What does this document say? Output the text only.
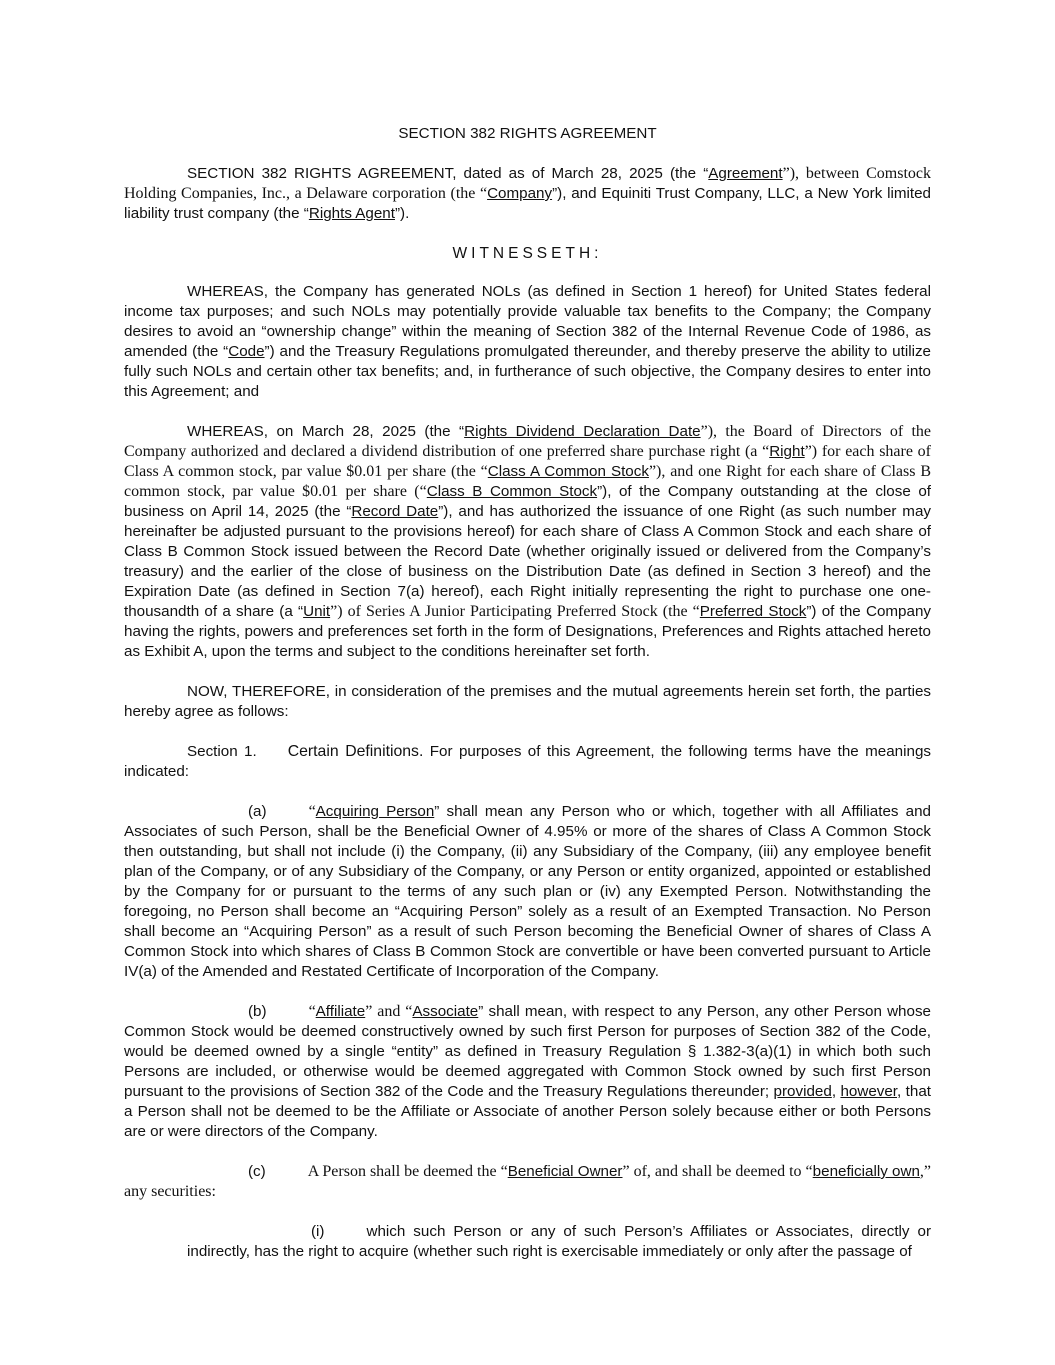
SECTION 382 RIGHTS AGREEMENT

SECTION 382 RIGHTS AGREEMENT, dated as of March 28, 2025 (the “Agreement”), between Comstock Holding Companies, Inc., a Delaware corporation (the “Company”), and Equiniti Trust Company, LLC, a New York limited liability trust company (the “Rights Agent”).

WITNESSETH:

WHEREAS, the Company has generated NOLs (as defined in Section 1 hereof) for United States federal income tax purposes; and such NOLs may potentially provide valuable tax benefits to the Company; the Company desires to avoid an “ownership change” within the meaning of Section 382 of the Internal Revenue Code of 1986, as amended (the “Code”) and the Treasury Regulations promulgated thereunder, and thereby preserve the ability to utilize fully such NOLs and certain other tax benefits; and, in furtherance of such objective, the Company desires to enter into this Agreement; and

WHEREAS, on March 28, 2025 (the “Rights Dividend Declaration Date”), the Board of Directors of the Company authorized and declared a dividend distribution of one preferred share purchase right (a “Right”) for each share of Class A common stock, par value $0.01 per share (the “Class A Common Stock”), and one Right for each share of Class B common stock, par value $0.01 per share (“Class B Common Stock”), of the Company outstanding at the close of business on April 14, 2025 (the “Record Date”), and has authorized the issuance of one Right (as such number may hereinafter be adjusted pursuant to the provisions hereof) for each share of Class A Common Stock and each share of Class B Common Stock issued between the Record Date (whether originally issued or delivered from the Company’s treasury) and the earlier of the close of business on the Distribution Date (as defined in Section 3 hereof) and the Expiration Date (as defined in Section 7(a) hereof), each Right initially representing the right to purchase one one-thousandth of a share (a “Unit”) of Series A Junior Participating Preferred Stock (the “Preferred Stock”) of the Company having the rights, powers and preferences set forth in the form of Designations, Preferences and Rights attached hereto as Exhibit A, upon the terms and subject to the conditions hereinafter set forth.

NOW, THEREFORE, in consideration of the premises and the mutual agreements herein set forth, the parties hereby agree as follows:

Section 1. Certain Definitions. For purposes of this Agreement, the following terms have the meanings indicated:

(a)	“Acquiring Person” shall mean any Person who or which, together with all Affiliates and Associates of such Person, shall be the Beneficial Owner of 4.95% or more of the shares of Class A Common Stock then outstanding, but shall not include (i) the Company, (ii) any Subsidiary of the Company, (iii) any employee benefit plan of the Company, or of any Subsidiary of the Company, or any Person or entity organized, appointed or established by the Company for or pursuant to the terms of any such plan or (iv) any Exempted Person. Notwithstanding the foregoing, no Person shall become an “Acquiring Person” solely as a result of an Exempted Transaction. No Person shall become an “Acquiring Person” as a result of such Person becoming the Beneficial Owner of shares of Class A Common Stock into which shares of Class B Common Stock are convertible or have been converted pursuant to Article IV(a) of the Amended and Restated Certificate of Incorporation of the Company.

(b)	“Affiliate” and “Associate” shall mean, with respect to any Person, any other Person whose Common Stock would be deemed constructively owned by such first Person for purposes of Section 382 of the Code, would be deemed owned by a single “entity” as defined in Treasury Regulation § 1.382-3(a)(1) in which both such Persons are included, or otherwise would be deemed aggregated with Common Stock owned by such first Person pursuant to the provisions of Section 382 of the Code and the Treasury Regulations thereunder; provided, however, that a Person shall not be deemed to be the Affiliate or Associate of another Person solely because either or both Persons are or were directors of the Company.

(c)	A Person shall be deemed the “Beneficial Owner” of, and shall be deemed to “beneficially own,” any securities:

(i)	which such Person or any of such Person’s Affiliates or Associates, directly or indirectly, has the right to acquire (whether such right is exercisable immediately or only after the passage of
